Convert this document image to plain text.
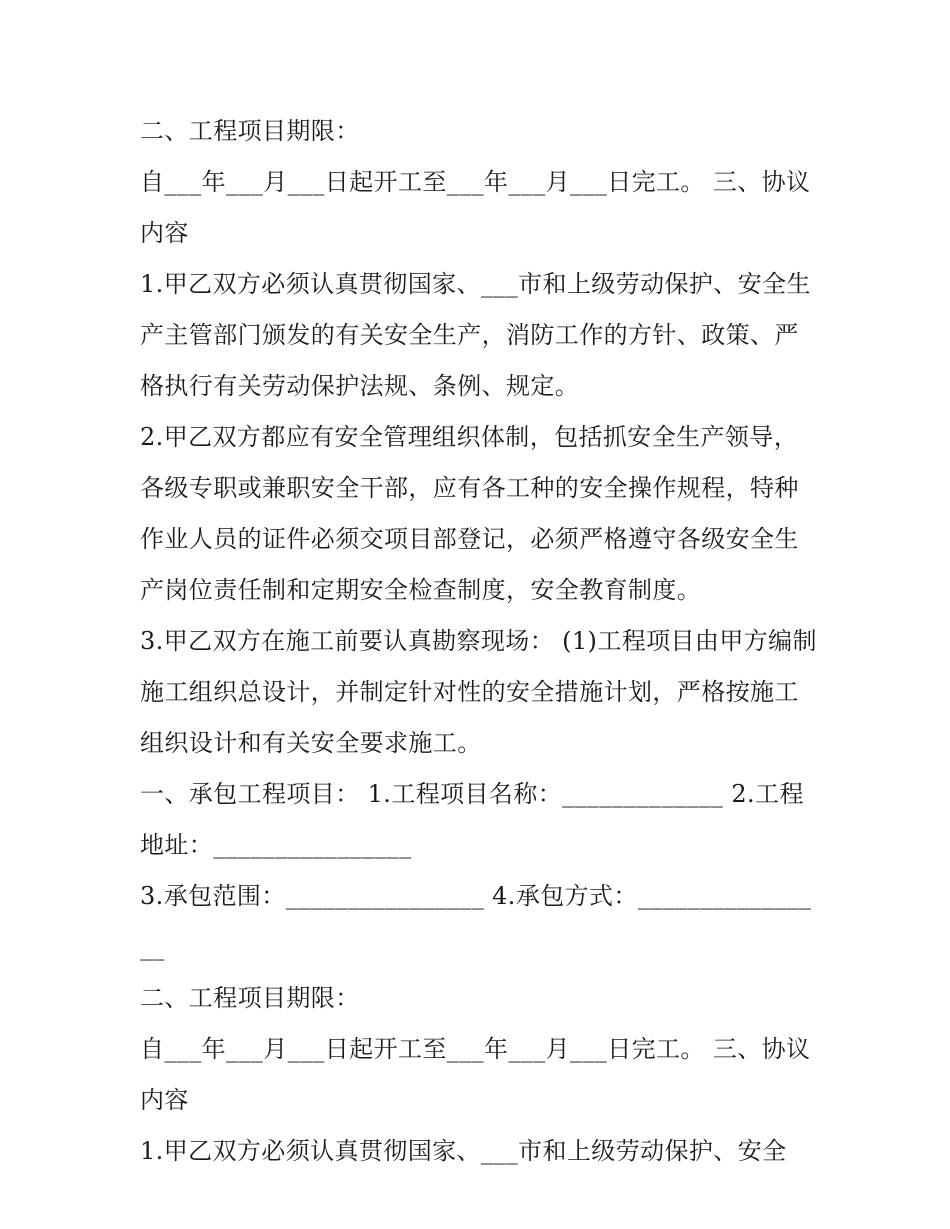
二、工程项目期限：

自___年___月___日起开工至___年___月___日完工。 三、协议内容

1.甲乙双方必须认真贯彻国家、___市和上级劳动保护、安全生产主管部门颁发的有关安全生产，消防工作的方针、政策、严格执行有关劳动保护法规、条例、规定。

2.甲乙双方都应有安全管理组织体制，包括抓安全生产领导，各级专职或兼职安全干部，应有各工种的安全操作规程，特种作业人员的证件必须交项目部登记，必须严格遵守各级安全生产岗位责任制和定期安全检查制度，安全教育制度。

3.甲乙双方在施工前要认真勘察现场： (1)工程项目由甲方编制施工组织总设计，并制定针对性的安全措施计划，严格按施工组织设计和有关安全要求施工。

一、承包工程项目： 1.工程项目名称：_____________ 2.工程地址：________________

3.承包范围：________________ 4.承包方式：________________

二、工程项目期限：

自___年___月___日起开工至___年___月___日完工。 三、协议内容

1.甲乙双方必须认真贯彻国家、___市和上级劳动保护、安全
